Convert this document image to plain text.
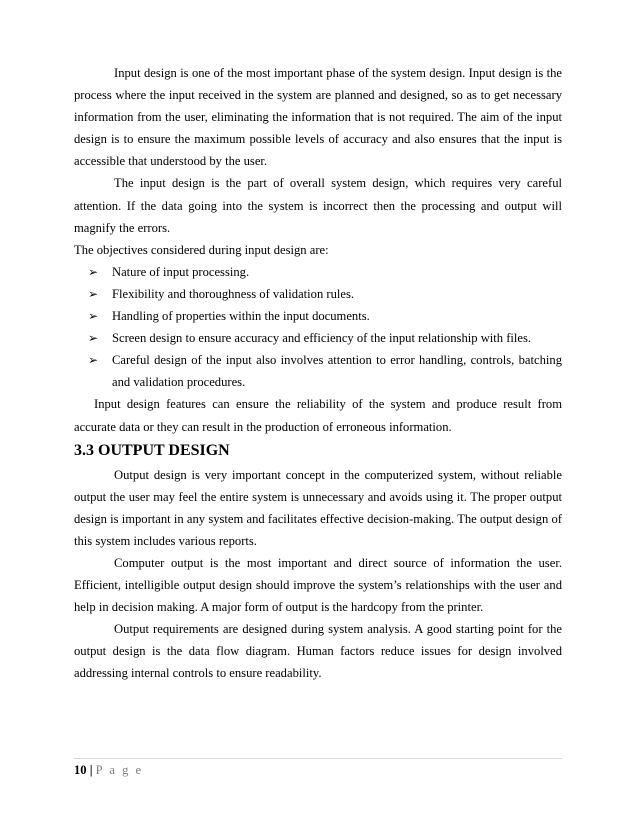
Input design is one of the most important phase of the system design. Input design is the process where the input received in the system are planned and designed, so as to get necessary information from the user, eliminating the information that is not required. The aim of the input design is to ensure the maximum possible levels of accuracy and also ensures that the input is accessible that understood by the user.

The input design is the part of overall system design, which requires very careful attention. If the data going into the system is incorrect then the processing and output will magnify the errors.

The objectives considered during input design are:

➢ Nature of input processing.
➢ Flexibility and thoroughness of validation rules.
➢ Handling of properties within the input documents.
➢ Screen design to ensure accuracy and efficiency of the input relationship with files.
➢ Careful design of the input also involves attention to error handling, controls, batching and validation procedures.

Input design features can ensure the reliability of the system and produce result from accurate data or they can result in the production of erroneous information.

3.3 OUTPUT DESIGN

Output design is very important concept in the computerized system, without reliable output the user may feel the entire system is unnecessary and avoids using it. The proper output design is important in any system and facilitates effective decision-making. The output design of this system includes various reports.

Computer output is the most important and direct source of information the user. Efficient, intelligible output design should improve the system’s relationships with the user and help in decision making. A major form of output is the hardcopy from the printer.

Output requirements are designed during system analysis. A good starting point for the output design is the data flow diagram. Human factors reduce issues for design involved addressing internal controls to ensure readability.

10 | P a g e
